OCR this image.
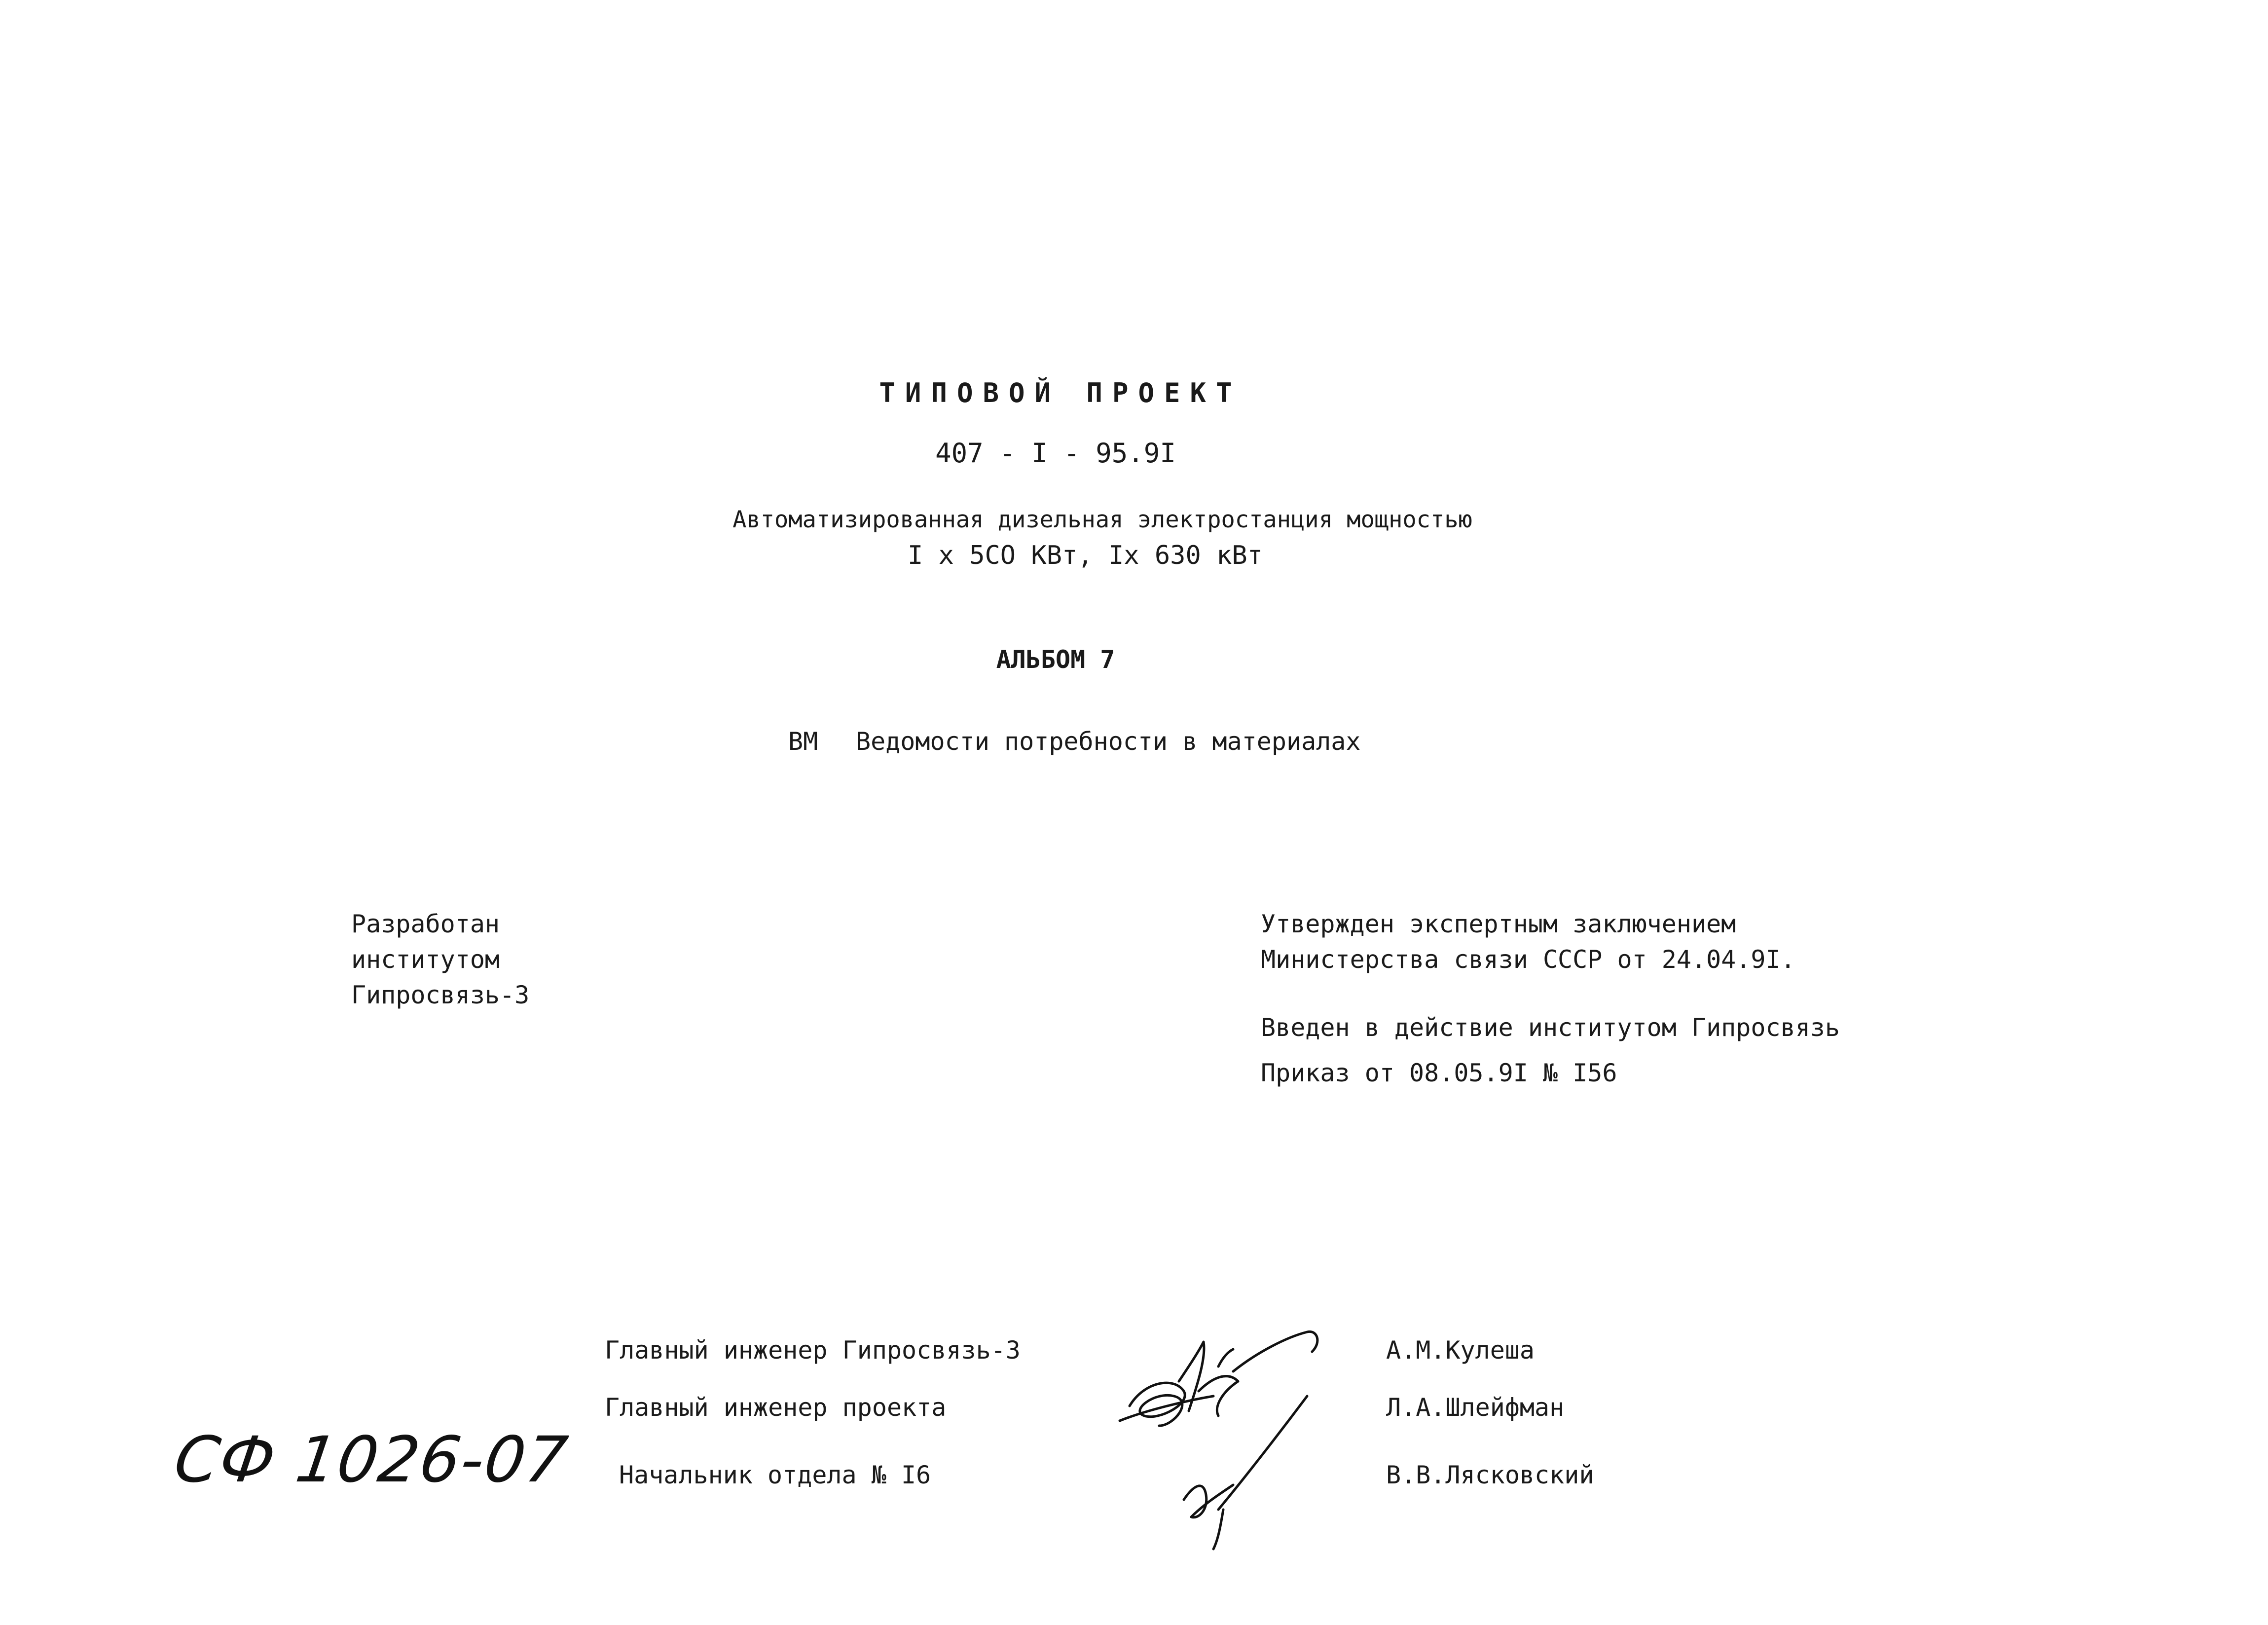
ТИПОВОЙ ПРОЕКТ
407 - I - 95.9I
Автоматизированная дизельная электростанция мощностью
I x 5CO КВт, Ix 630 кВт
АЛЬБОМ 7
ВМ Ведомости потребности в материалах
Разработан
институтом
Гипросвязь-3
Утвержден экспертным заключением
Министерства связи СССР от 24.04.9I.
Введен в действие институтом Гипросвязь
Приказ от 08.05.9I № I56
Главный инженер Гипросвязь-3
Главный инженер проекта
Начальник отдела № I6
А.М.Кулеша
Л.А.Шлейфман
В.В.Лясковский
СФ 1026-07
